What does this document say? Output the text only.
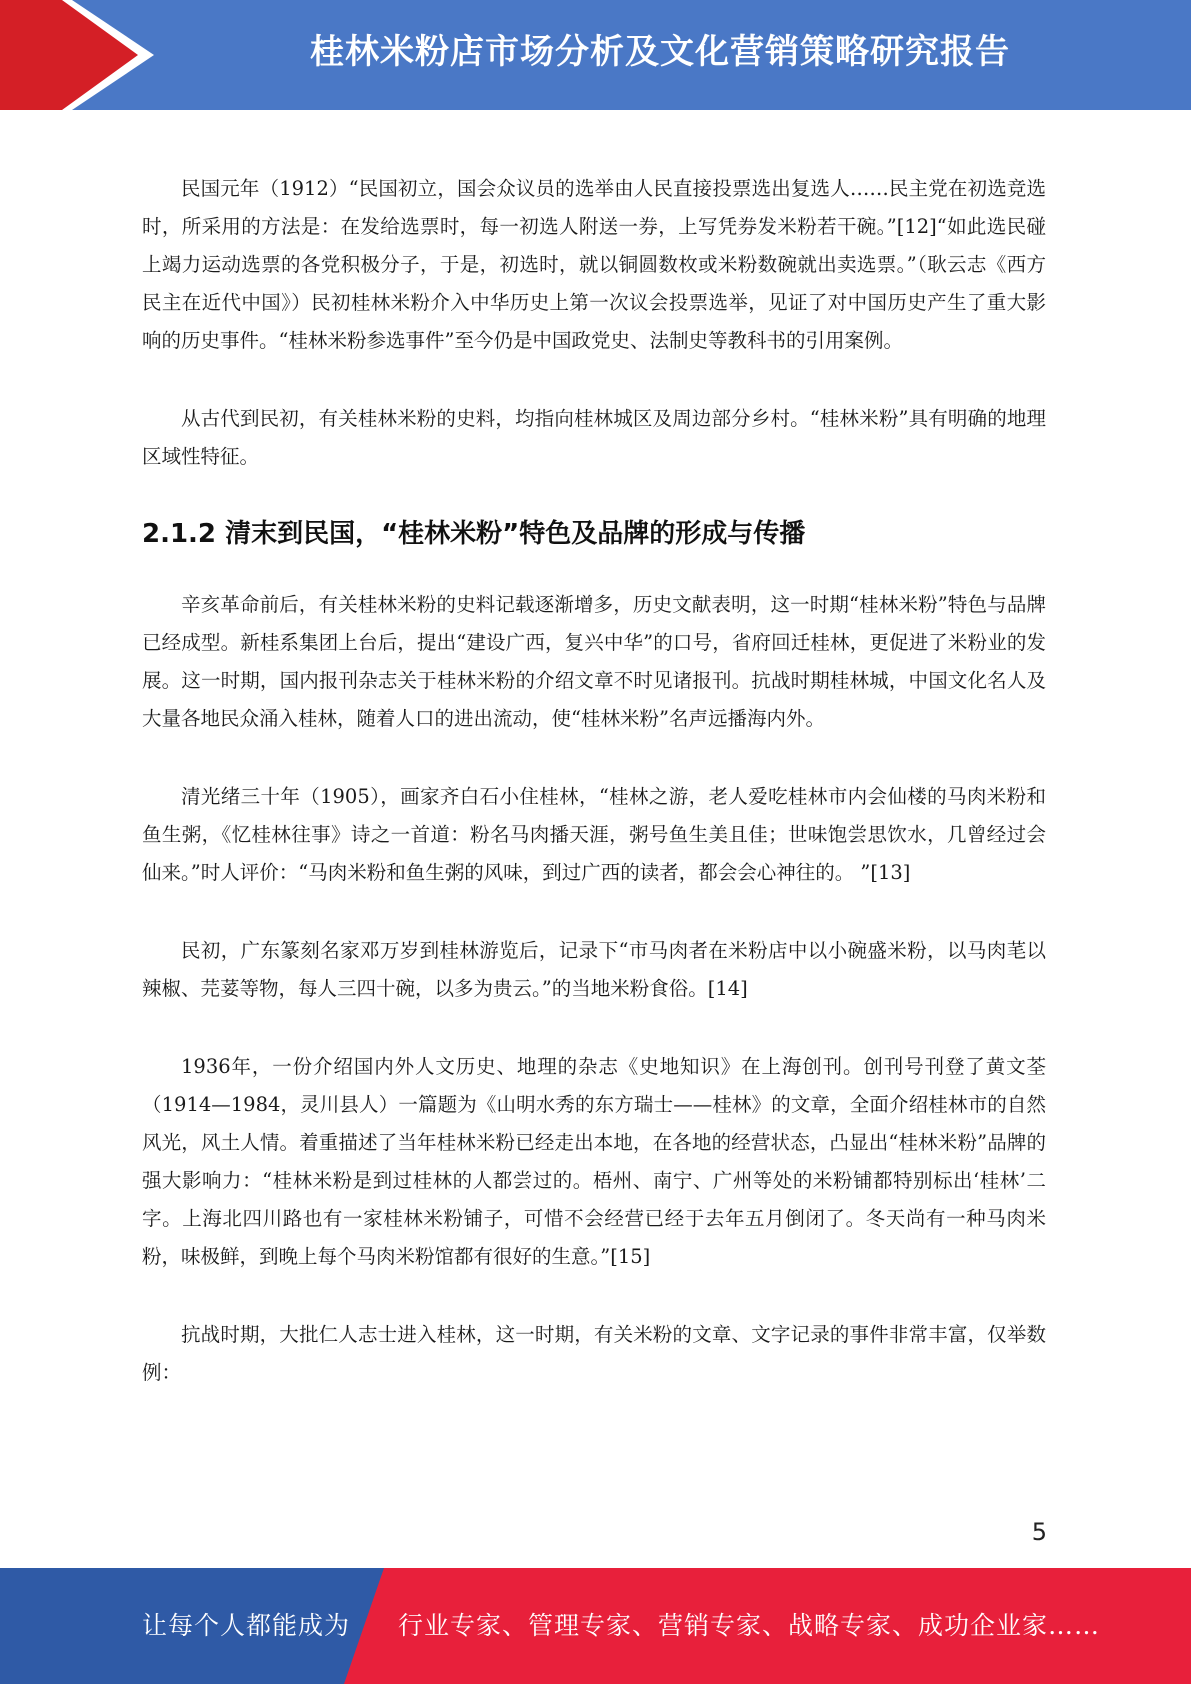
桂林米粉店市场分析及文化营销策略研究报告

民国元年（1912）“民国初立，国会众议员的选举由人民直接投票选出复选人……民主党在初选竞选时，所采用的方法是：在发给选票时，每一初选人附送一券，上写凭券发米粉若干碗。”[12]“如此选民碰上竭力运动选票的各党积极分子，于是，初选时，就以铜圆数枚或米粉数碗就出卖选票。”（耿云志《西方民主在近代中国》）民初桂林米粉介入中华历史上第一次议会投票选举，见证了对中国历史产生了重大影响的历史事件。“桂林米粉参选事件”至今仍是中国政党史、法制史等教科书的引用案例。

从古代到民初，有关桂林米粉的史料，均指向桂林城区及周边部分乡村。“桂林米粉”具有明确的地理区域性特征。

2.1.2 清末到民国，“桂林米粉”特色及品牌的形成与传播

辛亥革命前后，有关桂林米粉的史料记载逐渐增多，历史文献表明，这一时期“桂林米粉”特色与品牌已经成型。新桂系集团上台后，提出“建设广西，复兴中华”的口号，省府回迁桂林，更促进了米粉业的发展。这一时期，国内报刊杂志关于桂林米粉的介绍文章不时见诸报刊。抗战时期桂林城，中国文化名人及大量各地民众涌入桂林，随着人口的进出流动，使“桂林米粉”名声远播海内外。

清光绪三十年（1905），画家齐白石小住桂林，“桂林之游，老人爱吃桂林市内会仙楼的马肉米粉和鱼生粥，《忆桂林往事》诗之一首道：粉名马肉播天涯，粥号鱼生美且佳；世味饱尝思饮水，几曾经过会仙来。”时人评价：“马肉米粉和鱼生粥的风味，到过广西的读者，都会会心神往的。 ”[13]

民初，广东篆刻名家邓万岁到桂林游览后，记录下“市马肉者在米粉店中以小碗盛米粉，以马肉芼以辣椒、芫荽等物，每人三四十碗，以多为贵云。”的当地米粉食俗。[14]

1936年，一份介绍国内外人文历史、地理的杂志《史地知识》在上海创刊。创刊号刊登了黄文荃（1914—1984，灵川县人）一篇题为《山明水秀的东方瑞士——桂林》的文章，全面介绍桂林市的自然风光，风土人情。着重描述了当年桂林米粉已经走出本地，在各地的经营状态，凸显出“桂林米粉”品牌的强大影响力：“桂林米粉是到过桂林的人都尝过的。梧州、南宁、广州等处的米粉铺都特别标出‘桂林’二字。上海北四川路也有一家桂林米粉铺子，可惜不会经营已经于去年五月倒闭了。冬天尚有一种马肉米粉，味极鲜，到晚上每个马肉米粉馆都有很好的生意。”[15]

抗战时期，大批仁人志士进入桂林，这一时期，有关米粉的文章、文字记录的事件非常丰富，仅举数例：

5
让每个人都能成为 行业专家、管理专家、营销专家、战略专家、成功企业家……
